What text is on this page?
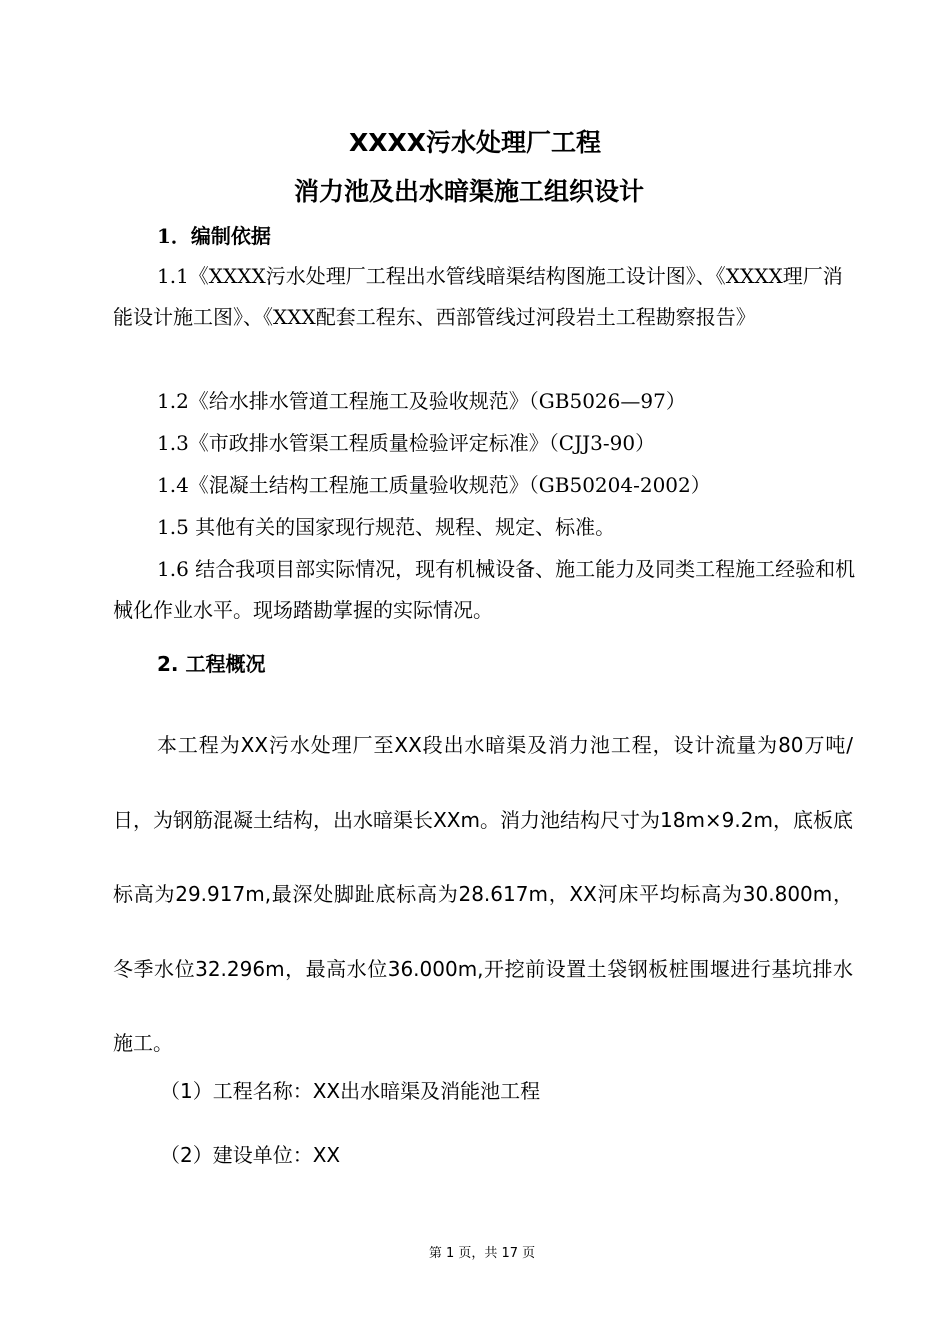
XXXX污水处理厂工程
消力池及出水暗渠施工组织设计

1．编制依据

1.1《XXXX污水处理厂工程出水管线暗渠结构图施工设计图》、《XXXX理厂消能设计施工图》、《XXX配套工程东、西部管线过河段岩土工程勘察报告》

1.2《给水排水管道工程施工及验收规范》（GB5026—97）

1.3《市政排水管渠工程质量检验评定标准》（CJJ3-90）

1.4《混凝土结构工程施工质量验收规范》（GB50204-2002）

1.5 其他有关的国家现行规范、规程、规定、标准。

1.6 结合我项目部实际情况，现有机械设备、施工能力及同类工程施工经验和机械化作业水平。现场踏勘掌握的实际情况。

2. 工程概况

本工程为XX污水处理厂至XX段出水暗渠及消力池工程，设计流量为80万吨/日，为钢筋混凝土结构，出水暗渠长XXm。消力池结构尺寸为18m×9.2m，底板底标高为29.917m,最深处脚趾底标高为28.617m，XX河床平均标高为30.800m，冬季水位32.296m，最高水位36.000m,开挖前设置土袋钢板桩围堰进行基坑排水施工。

（1）工程名称：XX出水暗渠及消能池工程

（2）建设单位：XX

第 1 页，共 17 页
